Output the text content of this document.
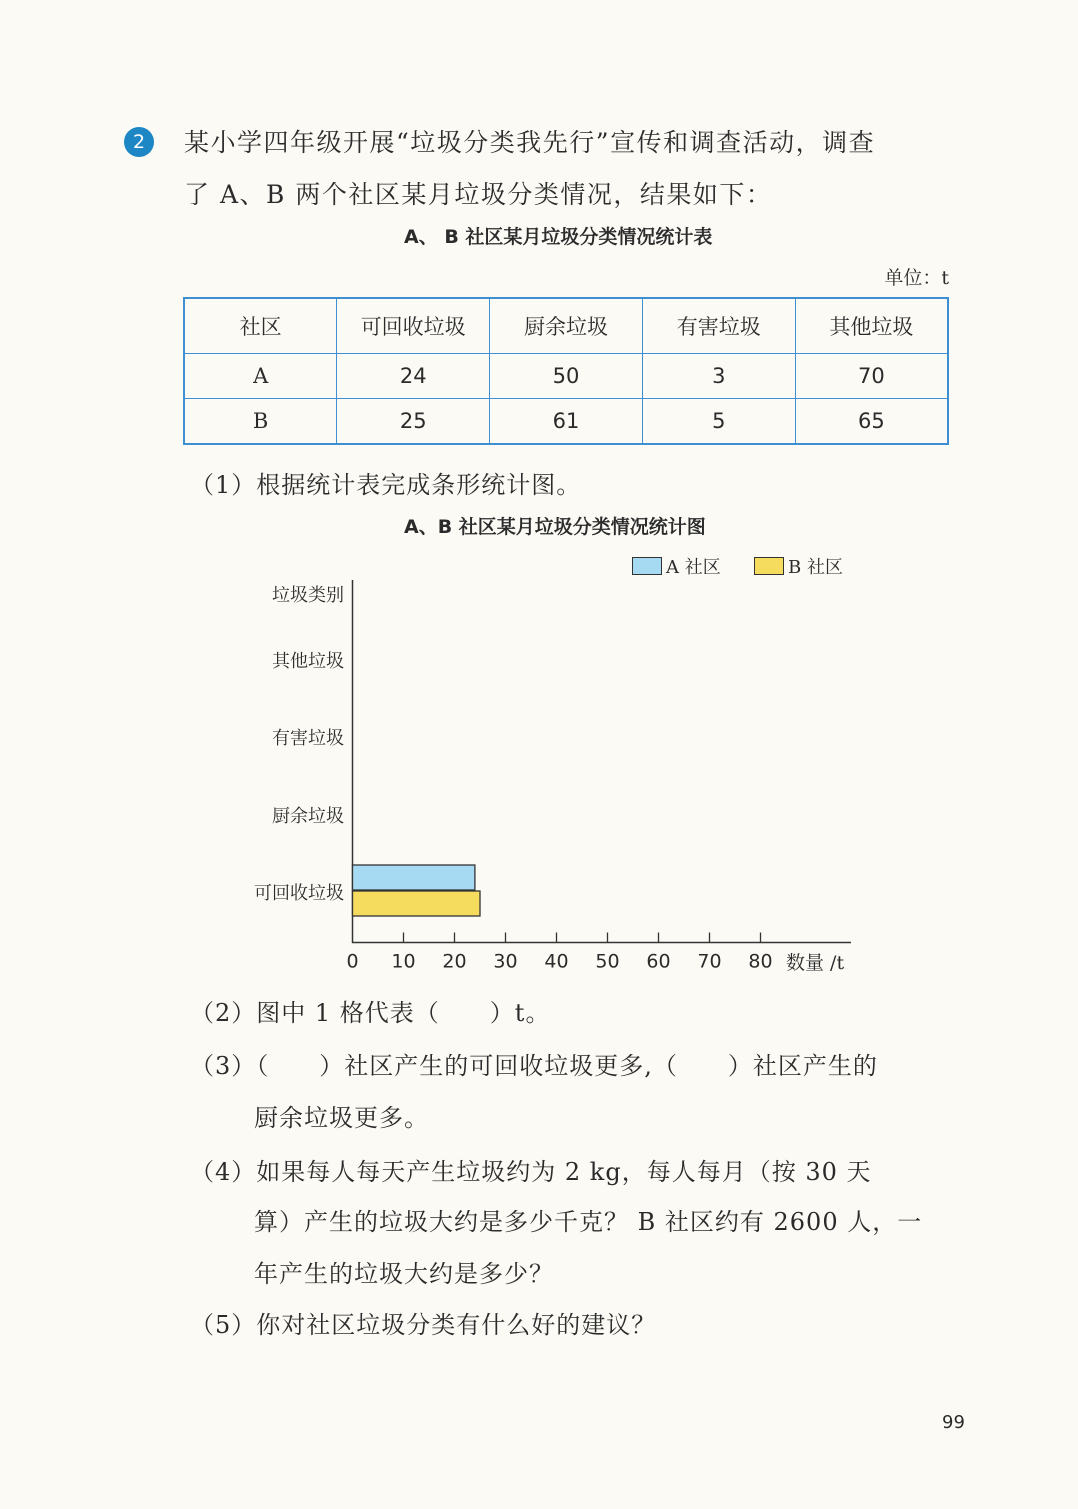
2	某小学四年级开展“垃圾分类我先行”宣传和调查活动，调查
了 A、B 两个社区某月垃圾分类情况，结果如下：
A、 B 社区某月垃圾分类情况统计表
单位：t
社区	可回收垃圾	厨余垃圾	有害垃圾	其他垃圾
A	24	50	3	70
B	25	61	5	65
（1）根据统计表完成条形统计图。
A、B 社区某月垃圾分类情况统计图
A 社区	B 社区
垃圾类别
其他垃圾
有害垃圾
厨余垃圾
可回收垃圾
0 10 20 30 40 50 60 70 80 数量 /t
（2）图中 1 格代表（　　）t。
（3）（　　）社区产生的可回收垃圾更多,（　　）社区产生的
厨余垃圾更多。
（4）如果每人每天产生垃圾约为 2 kg，每人每月（按 30 天
算）产生的垃圾大约是多少千克？ B 社区约有 2600 人，一
年产生的垃圾大约是多少？
（5）你对社区垃圾分类有什么好的建议？
99
